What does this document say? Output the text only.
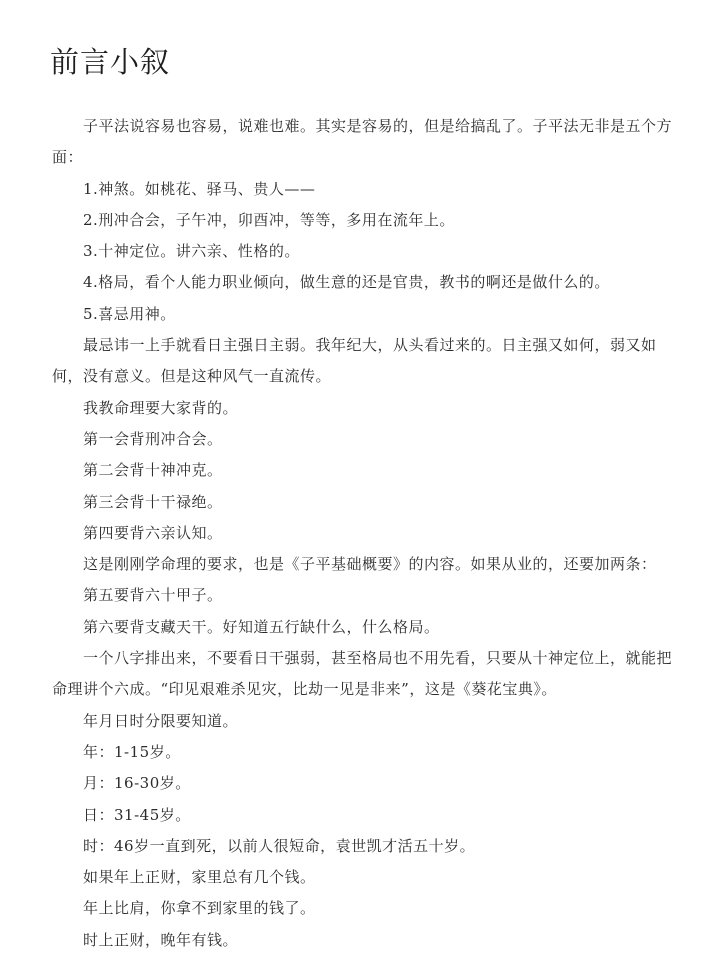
前言小叙

子平法说容易也容易，说难也难。其实是容易的，但是给搞乱了。子平法无非是五个方面：

1.神煞。如桃花、驿马、贵人——

2.刑冲合会，子午冲，卯酉冲，等等，多用在流年上。

3.十神定位。讲六亲、性格的。

4.格局，看个人能力职业倾向，做生意的还是官贵，教书的啊还是做什么的。

5.喜忌用神。

最忌讳一上手就看日主强日主弱。我年纪大，从头看过来的。日主强又如何，弱又如何，没有意义。但是这种风气一直流传。

我教命理要大家背的。

第一会背刑冲合会。

第二会背十神冲克。

第三会背十干禄绝。

第四要背六亲认知。

这是刚刚学命理的要求，也是《子平基础概要》的内容。如果从业的，还要加两条：

第五要背六十甲子。

第六要背支藏天干。好知道五行缺什么，什么格局。

一个八字排出来，不要看日干强弱，甚至格局也不用先看，只要从十神定位上，就能把命理讲个六成。“印见艰难杀见灾，比劫一见是非来”，这是《葵花宝典》。

年月日时分限要知道。

年：1-15岁。

月：16-30岁。

日：31-45岁。

时：46岁一直到死，以前人很短命，袁世凯才活五十岁。

如果年上正财，家里总有几个钱。

年上比肩，你拿不到家里的钱了。

时上正财，晚年有钱。
